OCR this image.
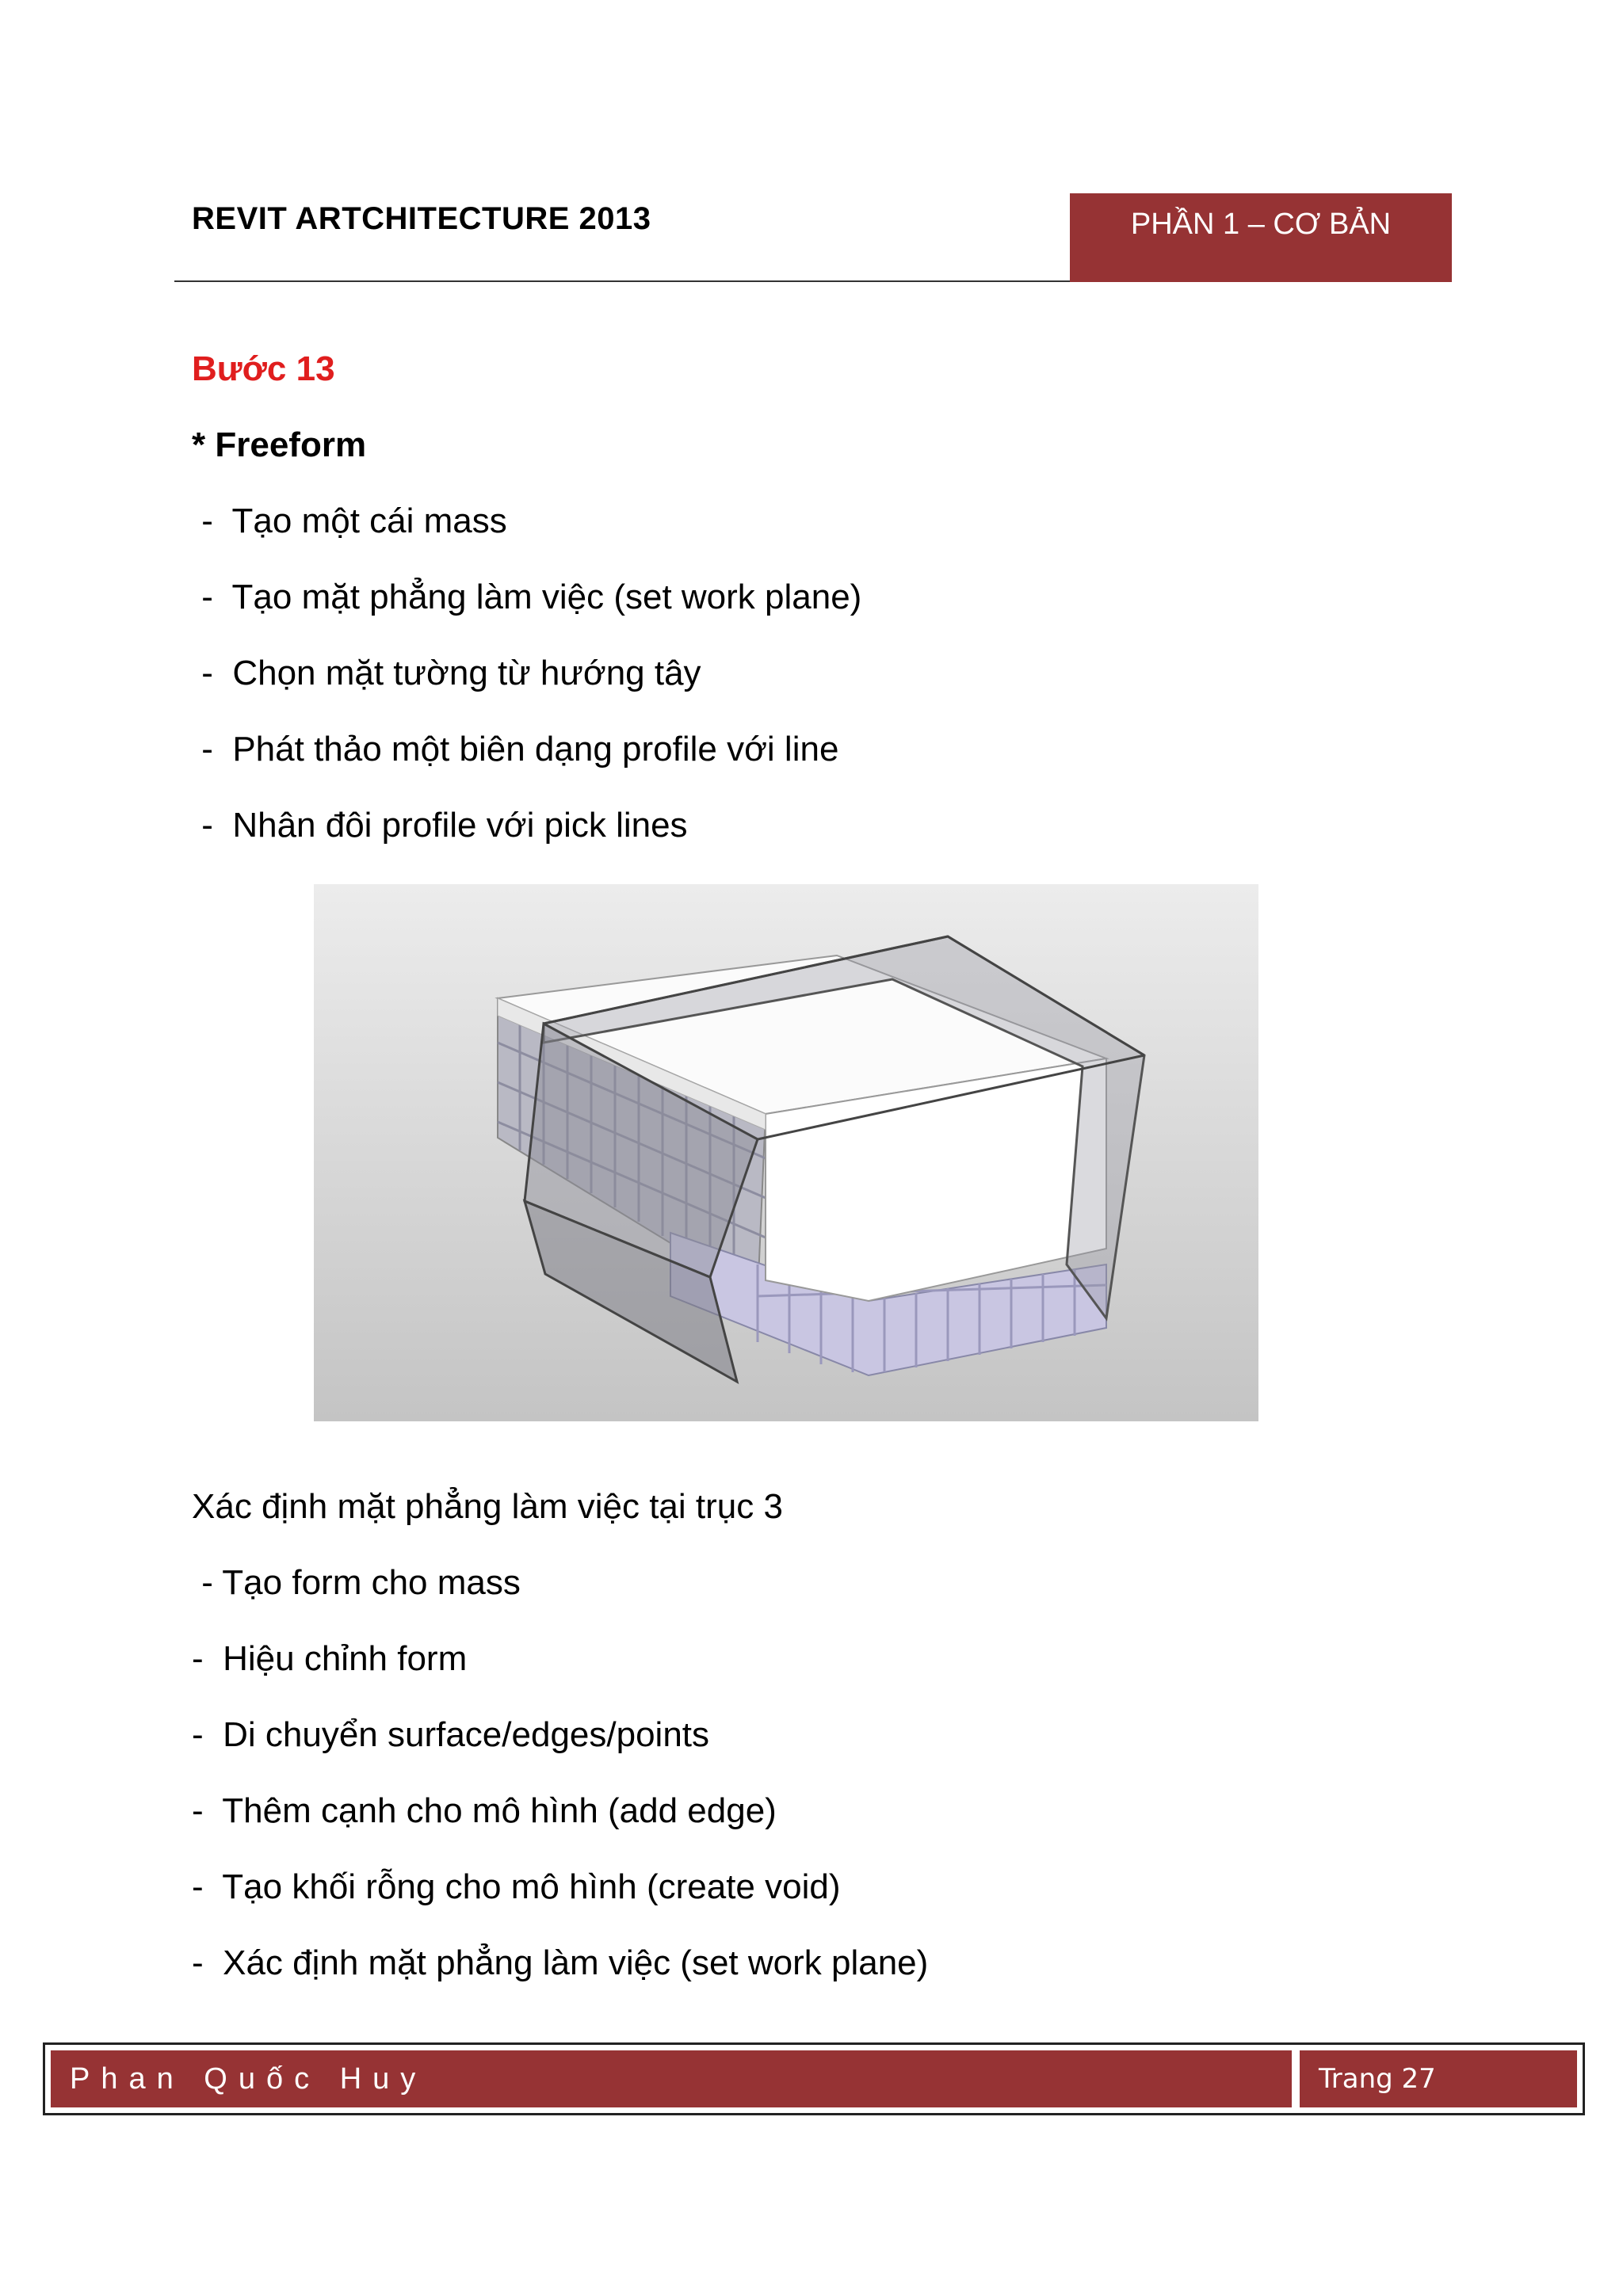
REVIT ARTCHITECTURE 2013	PHẦN 1 – CƠ BẢN
Bước 13
* Freeform
-  Tạo một cái mass
-  Tạo mặt phẳng làm việc (set work plane)
-  Chọn mặt tường từ hướng tây
-  Phát thảo một biên dạng profile với line
-  Nhân đôi profile với pick lines
Xác định mặt phẳng làm việc tại trục 3
- Tạo form cho mass
-  Hiệu chỉnh form
-  Di chuyển surface/edges/points
-  Thêm cạnh cho mô hình (add edge)
-  Tạo khối rỗng cho mô hình (create void)
-  Xác định mặt phẳng làm việc (set work plane)
Phan Quốc Huy	Trang 27
